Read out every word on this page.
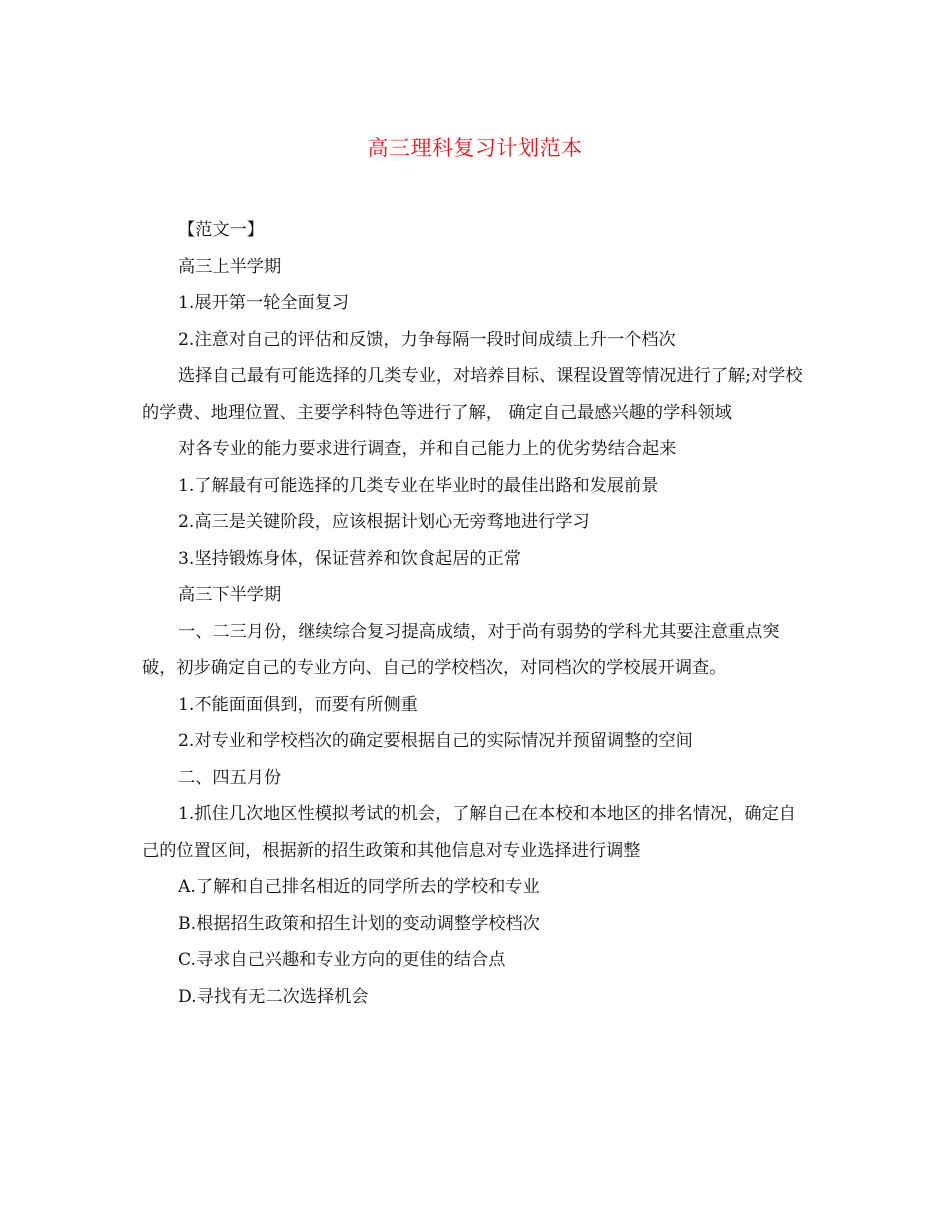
高三理科复习计划范本

【范文一】

高三上半学期

1.展开第一轮全面复习

2.注意对自己的评估和反馈，力争每隔一段时间成绩上升一个档次

选择自己最有可能选择的几类专业，对培养目标、课程设置等情况进行了解;对学校的学费、地理位置、主要学科特色等进行了解， 确定自己最感兴趣的学科领域

对各专业的能力要求进行调查，并和自己能力上的优劣势结合起来

1.了解最有可能选择的几类专业在毕业时的最佳出路和发展前景

2.高三是关键阶段，应该根据计划心无旁骛地进行学习

3.坚持锻炼身体，保证营养和饮食起居的正常

高三下半学期

一、二三月份，继续综合复习提高成绩，对于尚有弱势的学科尤其要注意重点突破，初步确定自己的专业方向、自己的学校档次，对同档次的学校展开调查。

1.不能面面俱到，而要有所侧重

2.对专业和学校档次的确定要根据自己的实际情况并预留调整的空间

二、四五月份

1.抓住几次地区性模拟考试的机会，了解自己在本校和本地区的排名情况，确定自己的位置区间，根据新的招生政策和其他信息对专业选择进行调整

A.了解和自己排名相近的同学所去的学校和专业

B.根据招生政策和招生计划的变动调整学校档次

C.寻求自己兴趣和专业方向的更佳的结合点

D.寻找有无二次选择机会
